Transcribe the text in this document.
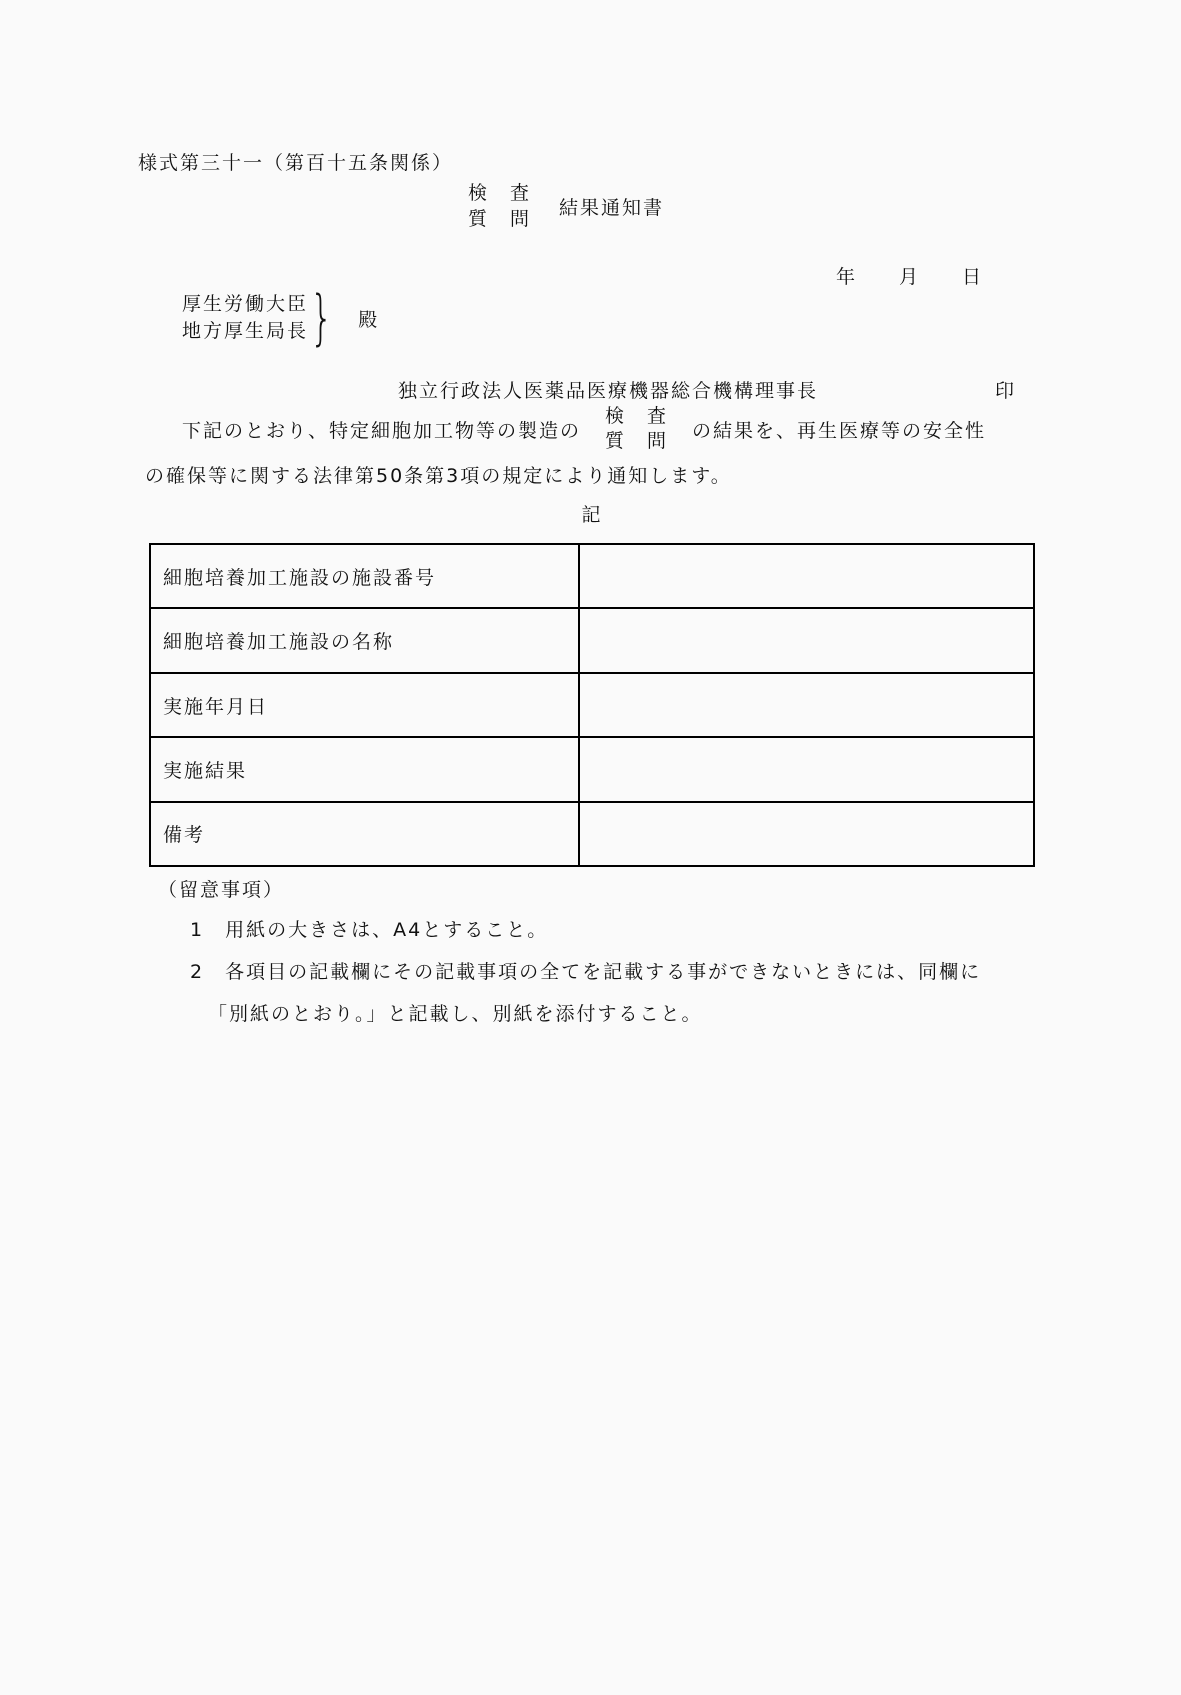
様式第三十一（第百十五条関係）
検　査
質　問
結果通知書
年　　月　　日
厚生労働大臣
地方厚生局長 } 殿
独立行政法人医薬品医療機器総合機構理事長	印
下記のとおり、特定細胞加工物等の製造の
検　査
質　問 の結果を、再生医療等の安全性
の確保等に関する法律第50条第3項の規定により通知します。
記
細胞培養加工施設の施設番号
細胞培養加工施設の名称
実施年月日
実施結果
備考
（留意事項）
1　 用紙の大きさは、A4とすること。
2　 各項目の記載欄にその記載事項の全てを記載する事ができないときには、同欄に
「別紙のとおり。」と記載し、別紙を添付すること。
